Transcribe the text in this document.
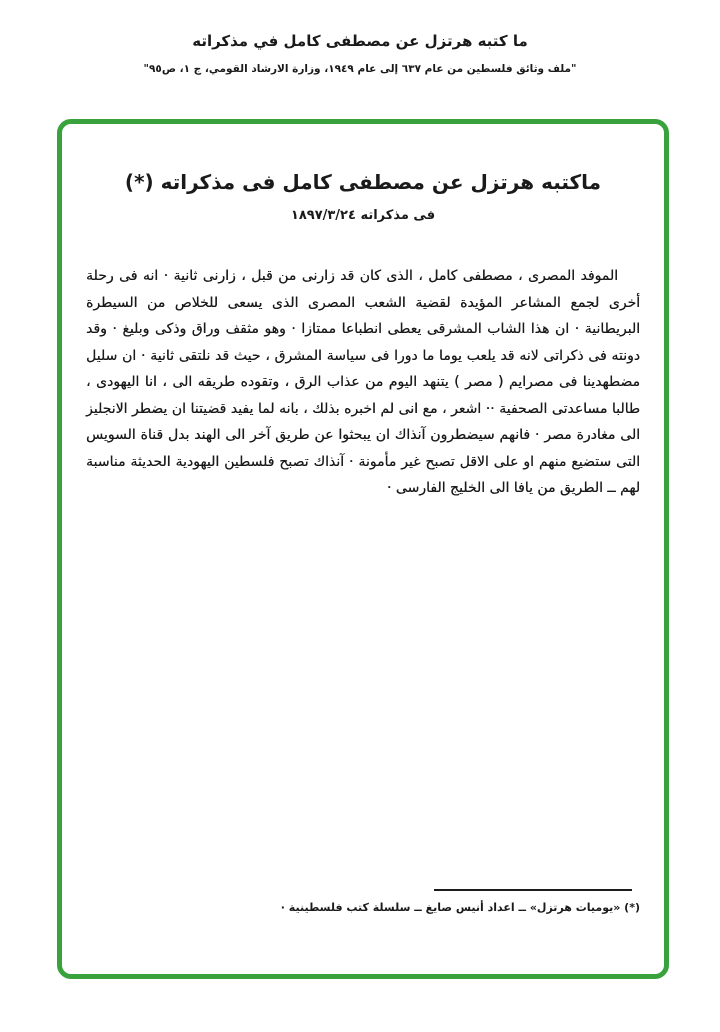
ما كتبه هرتزل عن مصطفى كامل في مذكراته
"ملف وثائق فلسطين من عام ٦٣٧ إلى عام ١٩٤٩، وزارة الارشاد القومي، ج ١، ص٩٥"
ماكتبه هرتزل عن مصطفى كامل فى مذكراته (*)
فى مذكراته ١٨٩٧/٣/٢٤

الموفد المصرى ، مصطفى كامل ، الذى كان قد زارنى من قبل ، زارنى ثانية · انه فى رحلة أخرى لجمع المشاعر المؤيدة لقضية الشعب المصرى الذى يسعى للخلاص من السيطرة البريطانية · ان هذا الشاب المشرقى يعطى انطباعا ممتازا · وهو مثقف وراق وذكى وبليغ · وقد دونته فى ذكراتى لانه قد يلعب يوما ما دورا فى سياسة المشرق ، حيث قد نلتقى ثانية · ان سليل مضطهدينا فى مصرايم ( مصر ) يتنهد اليوم من عذاب الرق ، وتقوده طريقه الى ، انا اليهودى ، طالبا مساعدتى الصحفية ·· اشعر ، مع انى لم اخبره بذلك ، بانه لما يفيد قضيتنا ان يضطر الانجليز الى مغادرة مصر · فانهم سيضطرون آنذاك ان يبحثوا عن طريق آخر الى الهند بدل قناة السويس التى ستضيع منهم او على الاقل تصبح غير مأمونة · آنذاك تصبح فلسطين اليهودية الحديثة مناسبة لهم ــ الطريق من يافا الى الخليج الفارسى ·

(*) «يوميات هرتزل» ــ اعداد أنيس صايغ ــ سلسلة كتب فلسطينية ·
